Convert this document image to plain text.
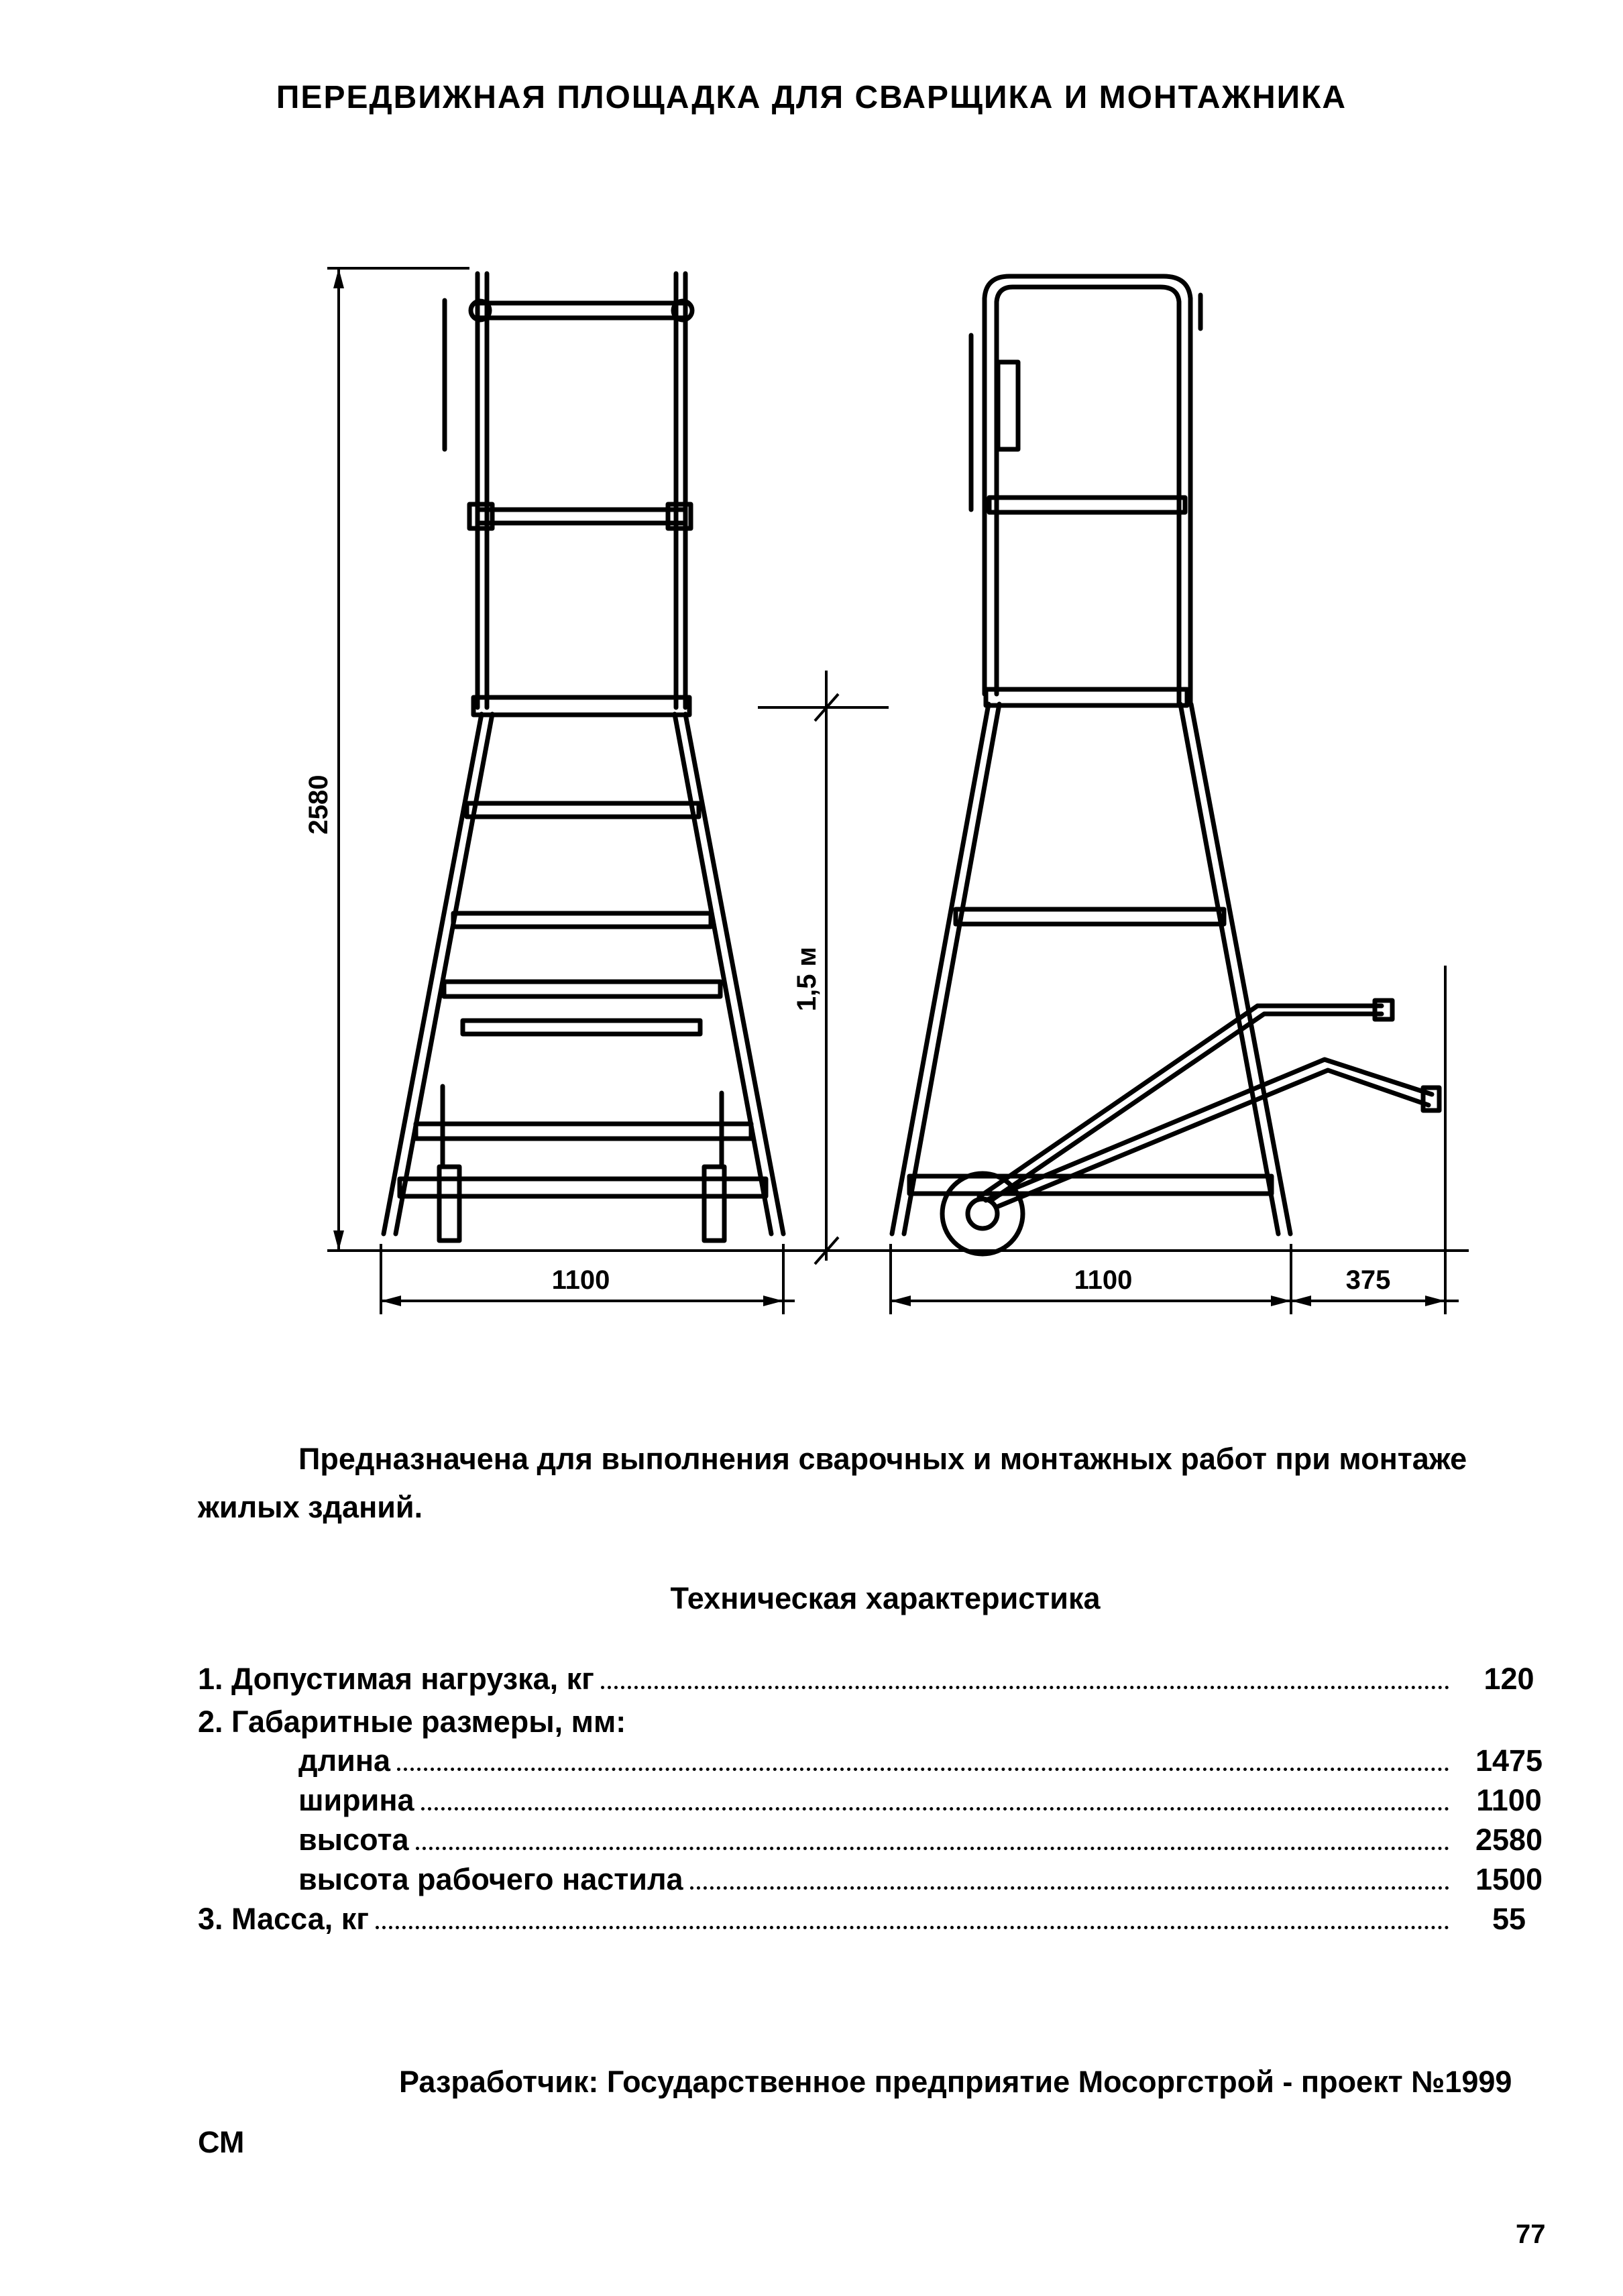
ПЕРЕДВИЖНАЯ ПЛОЩАДКА ДЛЯ СВАРЩИКА И МОНТАЖНИКА
2580
1100	1100	375
1,5 м
Предназначена для выполнения сварочных и монтажных работ при монтаже жилых зданий.
Техническая характеристика
1. Допустимая нагрузка, кг	120
2. Габаритные размеры, мм:
длина	1475
ширина	1100
высота	2580
высота рабочего настила	1500
3. Масса, кг	55
Разработчик: Государственное предприятие Мосоргстрой - проект №1999 СМ
77
